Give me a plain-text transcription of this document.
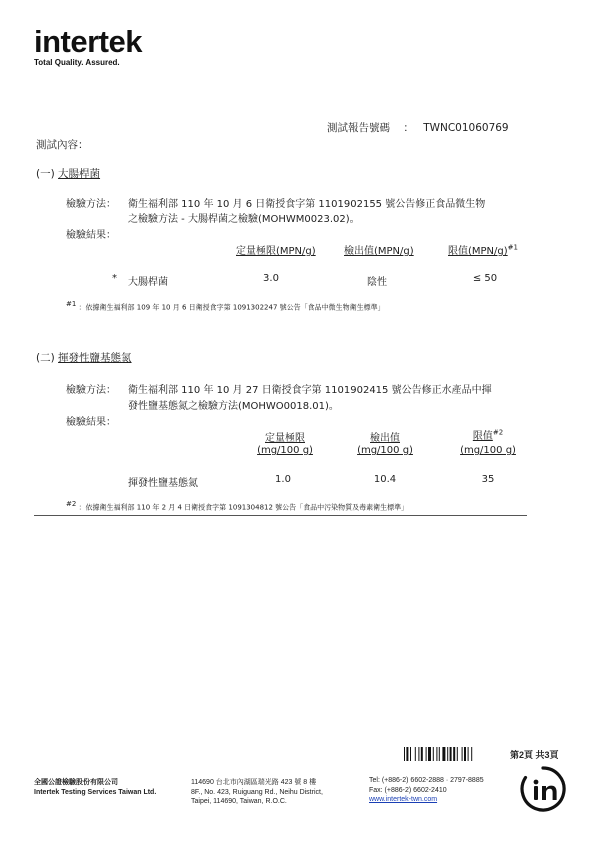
intertek
Total Quality. Assured.
測試報告號碼 ： TWNC01060769
測試內容：
(一) 大腸桿菌
檢驗方法： 衛生福利部 110 年 10 月 6 日衛授食字第 1101902155 號公告修正食品微生物
之檢驗方法 - 大腸桿菌之檢驗(MOHWM0023.02)。
檢驗結果：
定量極限(MPN/g)	檢出值(MPN/g)	限值$(MPN/g)^{\#1}$
* 大腸桿菌	3.0	陰性	≤ 50
#1 ：依據衛生福利部 109 年 10 月 6 日衛授食字第 1091302247 號公告「食品中微生物衛生標準」
(二) 揮發性鹽基態氮
檢驗方法： 衛生福利部 110 年 10 月 27 日衛授食字第 1101902415 號公告修正水產品中揮
發性鹽基態氮之檢驗方法(MOHWO0018.01)。
檢驗結果：
定量極限
(mg/100 g)
檢出值
(mg/100 g)
限值$^{\#2}$
(mg/100 g)
揮發性鹽基態氮	1.0	10.4	35
#2 ：依據衛生福利部 110 年 2 月 4 日衛授食字第 1091304812 號公告「食品中污染物質及毒素衛生標準」
第2頁 共3頁
全國公證檢驗股份有限公司
Intertek Testing Services Taiwan Ltd.
114690 台北市內湖區瑞光路 423 號 8 樓
8F., No. 423, Ruiguang Rd., Neihu District,
Taipei, 114690, Taiwan, R.O.C.
Tel: (+886-2) 6602-2888 · 2797-8885
Fax: (+886-2) 6602-2410
www.intertek-twn.com
